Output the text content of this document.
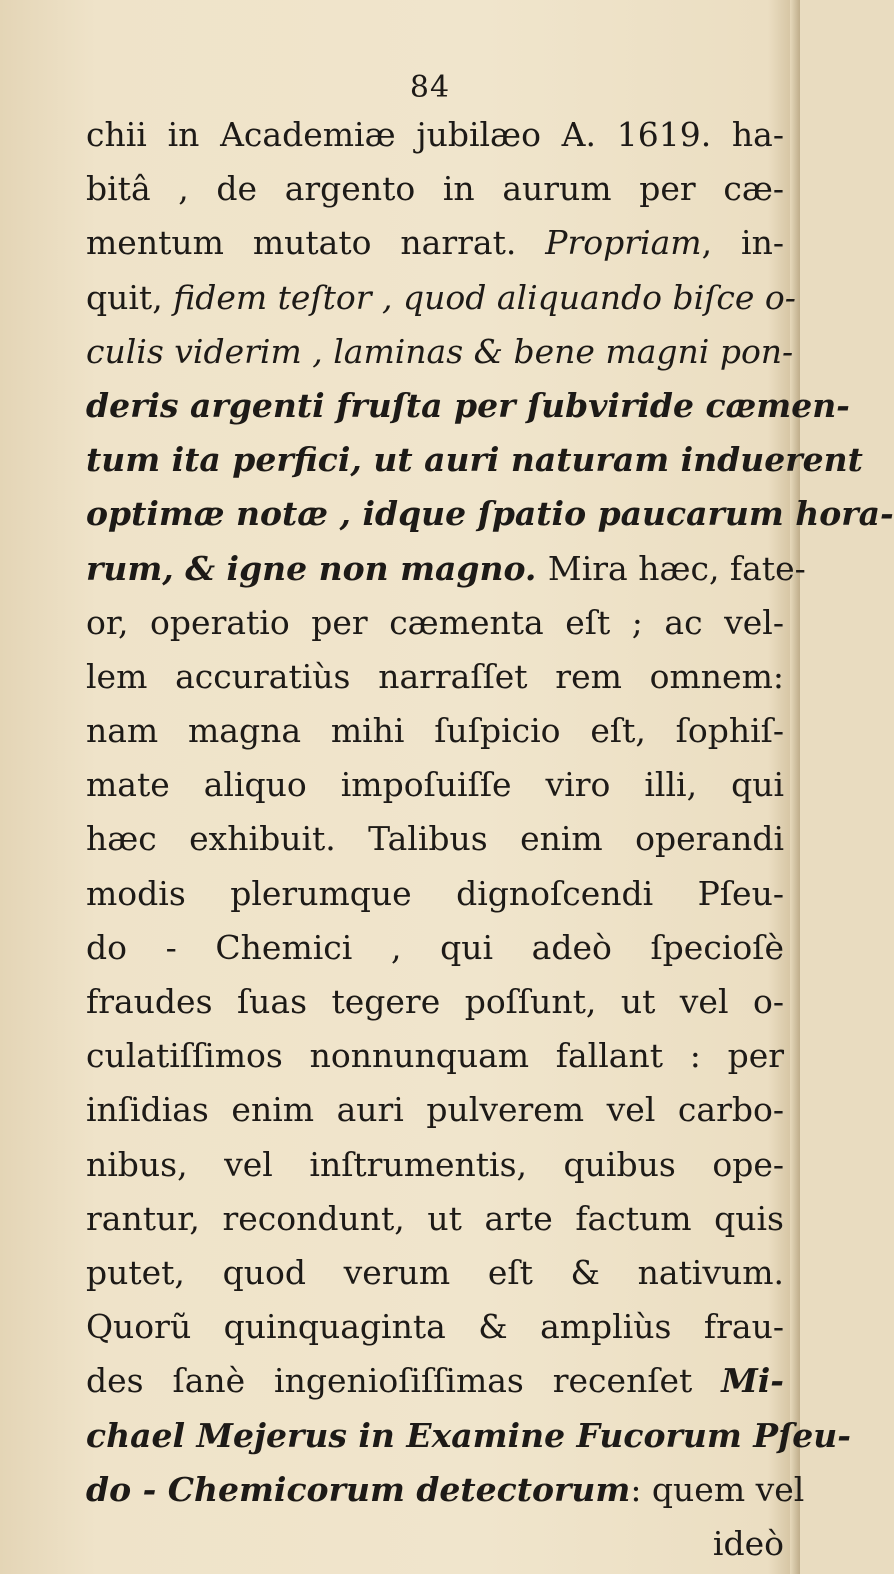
84
chii in Academiæ jubilæo A. 1619. ha-
bitâ , de argento in aurum per cæ-
mentum mutato narrat. Propriam, in-
quit, fidem teſtor , quod aliquando biſce o-
culis viderim , laminas & bene magni pon-
deris argenti fruſta per ſubviride cæmen-
tum ita perfici, ut auri naturam induerent
optimæ notæ , idque ſpatio paucarum hora-
rum, & igne non magno. Mira hæc, fate-
or, operatio per cæmenta eſt ; ac vel-
lem accuratiùs narraſſet rem omnem:
nam magna mihi ſuſpicio eſt, ſophiſ-
mate aliquo impoſuiſſe viro illi, qui
hæc exhibuit. Talibus enim operandi
modis plerumque dignoſcendi Pſeu-
do - Chemici , qui adeò ſpecioſè
fraudes ſuas tegere poſſunt, ut vel o-
culatiſſimos nonnunquam fallant : per
inſidias enim auri pulverem vel carbo-
nibus, vel inſtrumentis, quibus ope-
rantur, recondunt, ut arte factum quis
putet, quod verum eſt & nativum.
Quorũ quinquaginta & ampliùs frau-
des ſanè ingenioſiſſimas recenſet Mi-
chael Mejerus in Examine Fucorum Pſeu-
do - Chemicorum detectorum: quem vel
ideò
